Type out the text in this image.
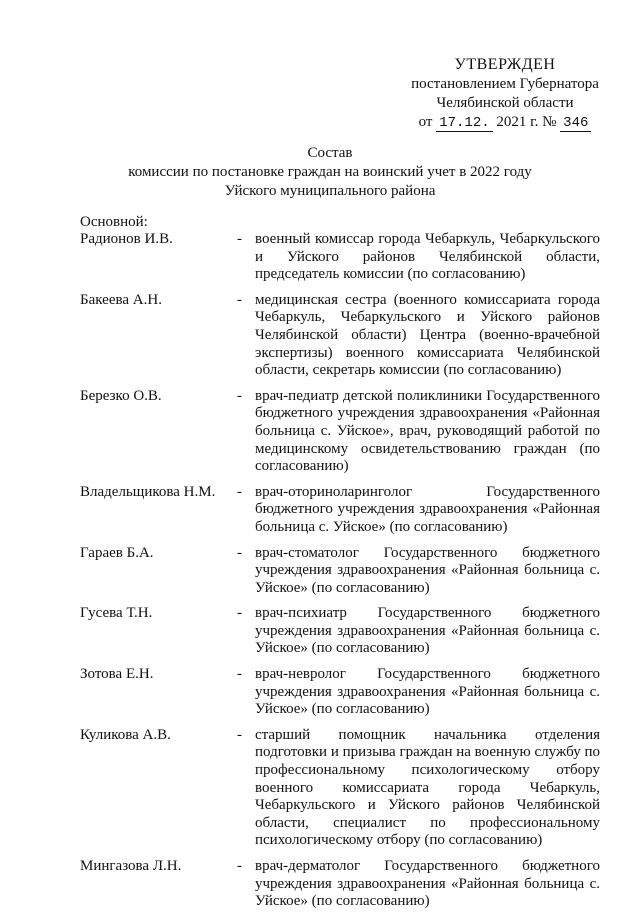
УТВЕРЖДЕН
постановлением Губернатора
Челябинской области
от 17.12. 2021 г. № 346
Состав
комиссии по постановке граждан на воинский учет в 2022 году
Уйского муниципального района
Основной:
Радионов И.В.	- военный комиссар города Чебаркуль, Чебаркульского и Уйского районов Челябинской области, председатель комиссии (по согласованию)
Бакеева А.Н.	- медицинская сестра (военного комиссариата города Чебаркуль, Чебаркульского и Уйского районов Челябинской области) Центра (военно-врачебной экспертизы) военного комиссариата Челябинской области, секретарь комиссии (по согласованию)
Березко О.В.	- врач-педиатр детской поликлиники Государственного бюджетного учреждения здравоохранения «Районная больница с. Уйское», врач, руководящий работой по медицинскому освидетельствованию граждан (по согласованию)
Владельщикова Н.М. - врач-оториноларинголог Государственного бюджетного учреждения здравоохранения «Районная больница с. Уйское» (по согласованию)
Гараев Б.А.	- врач-стоматолог Государственного бюджетного учреждения здравоохранения «Районная больница с. Уйское» (по согласованию)
Гусева Т.Н.	- врач-психиатр Государственного бюджетного учреждения здравоохранения «Районная больница с. Уйское» (по согласованию)
Зотова Е.Н.	- врач-невролог Государственного бюджетного учреждения здравоохранения «Районная больница с. Уйское» (по согласованию)
Куликова А.В.	- старший помощник начальника отделения подготовки и призыва граждан на военную службу по профессиональному психологическому отбору военного комиссариата города Чебаркуль, Чебаркульского и Уйского районов Челябинской области, специалист по профессиональному психологическому отбору (по согласованию)
Мингазова Л.Н.	- врач-дерматолог Государственного бюджетного учреждения здравоохранения «Районная больница с. Уйское» (по согласованию)
